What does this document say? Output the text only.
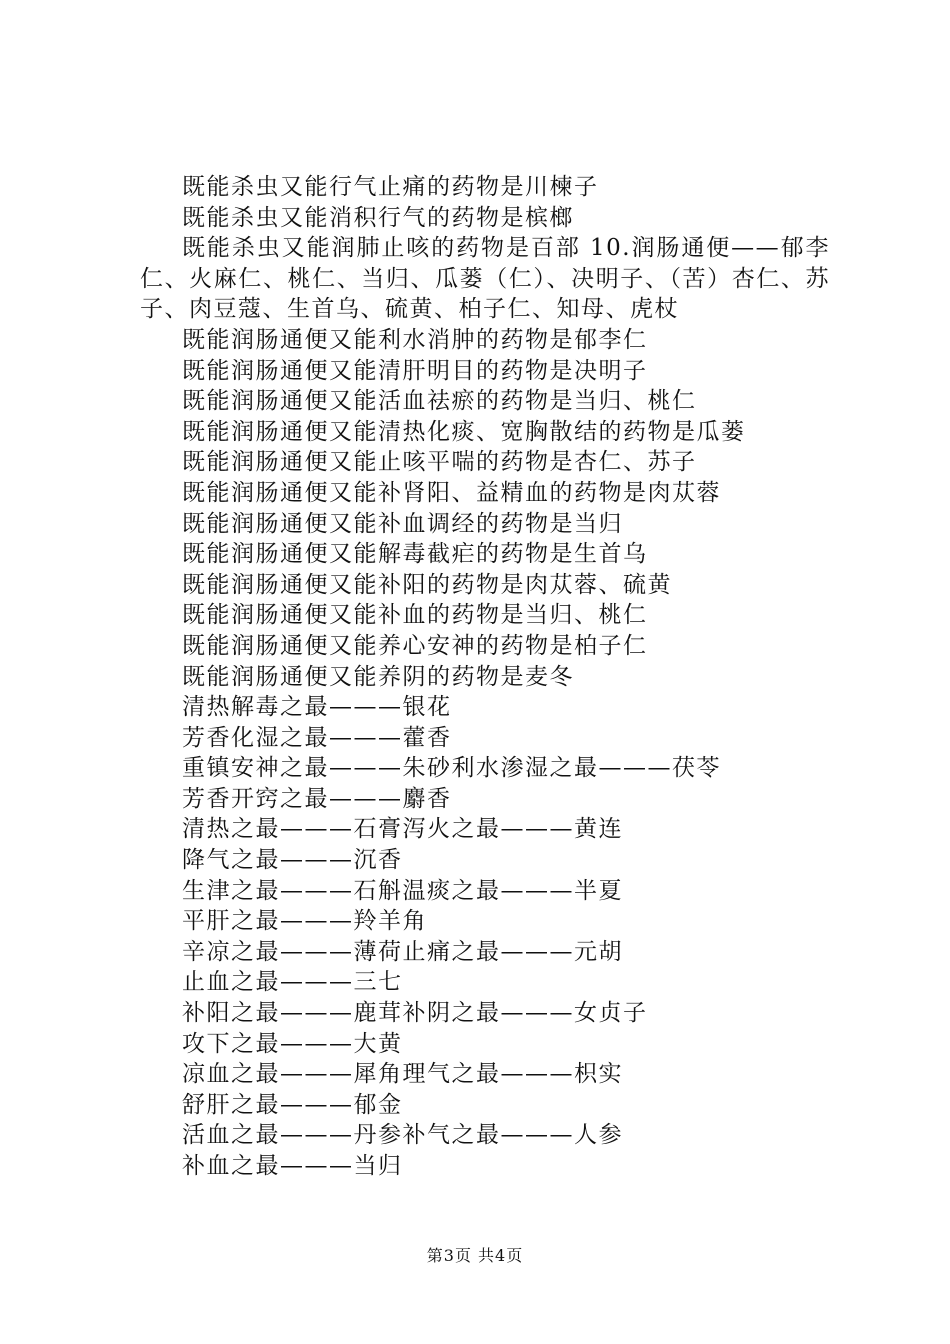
既能杀虫又能行气止痛的药物是川楝子
既能杀虫又能消积行气的药物是槟榔
既能杀虫又能润肺止咳的药物是百部 10.润肠通便——郁李仁、火麻仁、桃仁、当归、瓜蒌（仁）、决明子、（苦）杏仁、苏子、肉豆蔻、生首乌、硫黄、柏子仁、知母、虎杖
既能润肠通便又能利水消肿的药物是郁李仁
既能润肠通便又能清肝明目的药物是决明子
既能润肠通便又能活血祛瘀的药物是当归、桃仁
既能润肠通便又能清热化痰、宽胸散结的药物是瓜蒌
既能润肠通便又能止咳平喘的药物是杏仁、苏子
既能润肠通便又能补肾阳、益精血的药物是肉苁蓉
既能润肠通便又能补血调经的药物是当归
既能润肠通便又能解毒截疟的药物是生首乌
既能润肠通便又能补阳的药物是肉苁蓉、硫黄
既能润肠通便又能补血的药物是当归、桃仁
既能润肠通便又能养心安神的药物是柏子仁
既能润肠通便又能养阴的药物是麦冬
清热解毒之最———银花
芳香化湿之最———藿香
重镇安神之最———朱砂利水渗湿之最———茯苓
芳香开窍之最———麝香
清热之最———石膏泻火之最———黄连
降气之最———沉香
生津之最———石斛温痰之最———半夏
平肝之最———羚羊角
辛凉之最———薄荷止痛之最———元胡
止血之最———三七
补阳之最———鹿茸补阴之最———女贞子
攻下之最———大黄
凉血之最———犀角理气之最———枳实
舒肝之最———郁金
活血之最———丹参补气之最———人参
补血之最———当归
第3页 共4页
